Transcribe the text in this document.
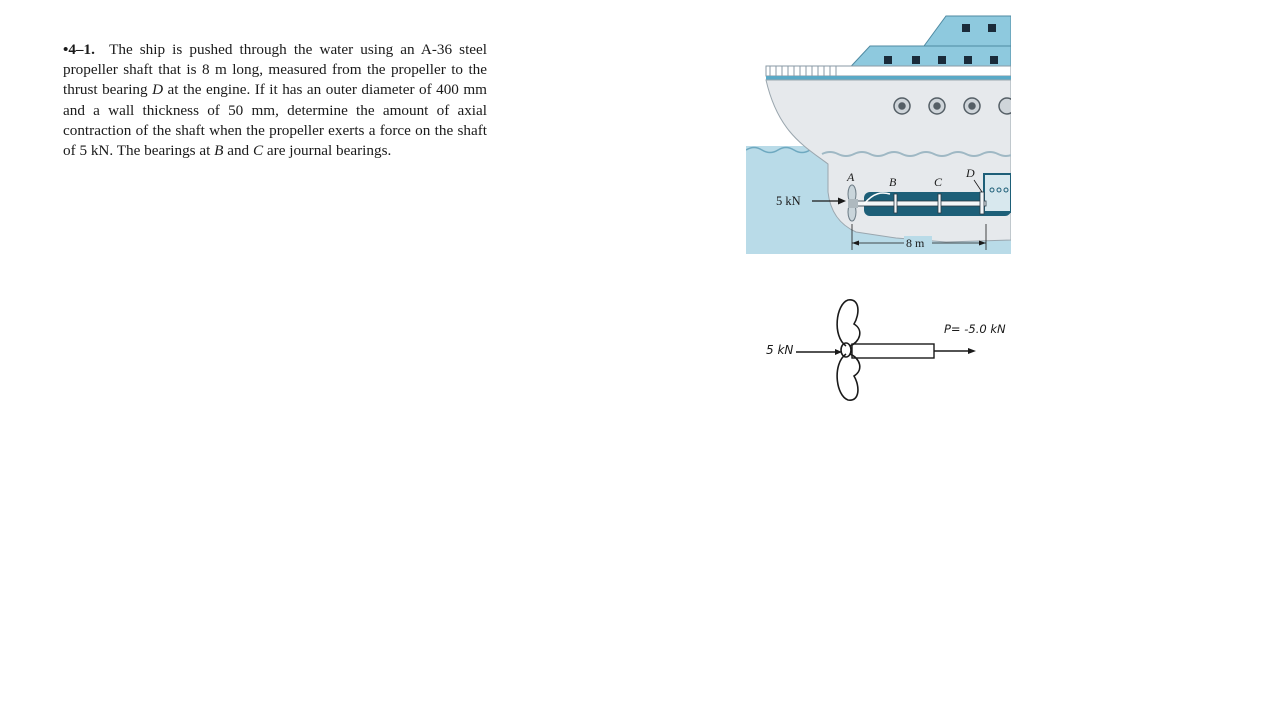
•4–1. The ship is pushed through the water using an A-36 steel propeller shaft that is 8 m long, measured from the propeller to the thrust bearing D at the engine. If it has an outer diameter of 400 mm and a wall thickness of 50 mm, determine the amount of axial contraction of the shaft when the propeller exerts a force on the shaft of 5 kN. The bearings at B and C are journal bearings.
5 kN
A	B	C
D
8 m
5 kN
P= -5.0 kN
